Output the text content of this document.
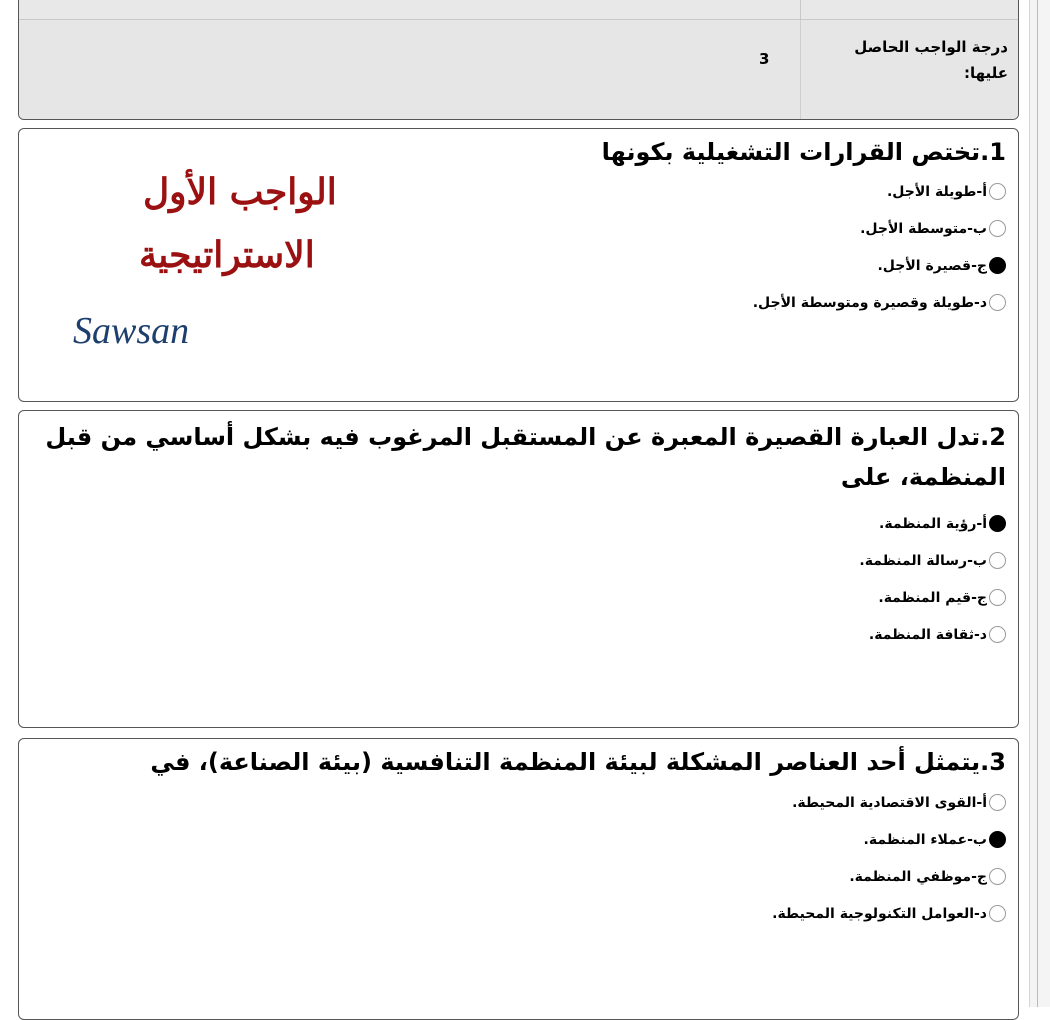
درجة الواجب الحاصل عليها:
3
1.تختص القرارات التشغيلية بكونها
أ-طويلة الأجل.
ب-متوسطة الأجل.
ج-قصيرة الأجل.
د-طويلة وقصيرة ومتوسطة الأجل.
الواجب الأول
الاستراتيجية
Sawsan
2.تدل العبارة القصيرة المعبرة عن المستقبل المرغوب فيه بشكل أساسي من قبل المنظمة، على
أ-رؤية المنظمة.
ب-رسالة المنظمة.
ج-قيم المنظمة.
د-ثقافة المنظمة.
3.يتمثل أحد العناصر المشكلة لبيئة المنظمة التنافسية (بيئة الصناعة)، في
أ-القوى الاقتصادية المحيطة.
ب-عملاء المنظمة.
ج-موظفي المنظمة.
د-العوامل التكنولوجية المحيطة.
